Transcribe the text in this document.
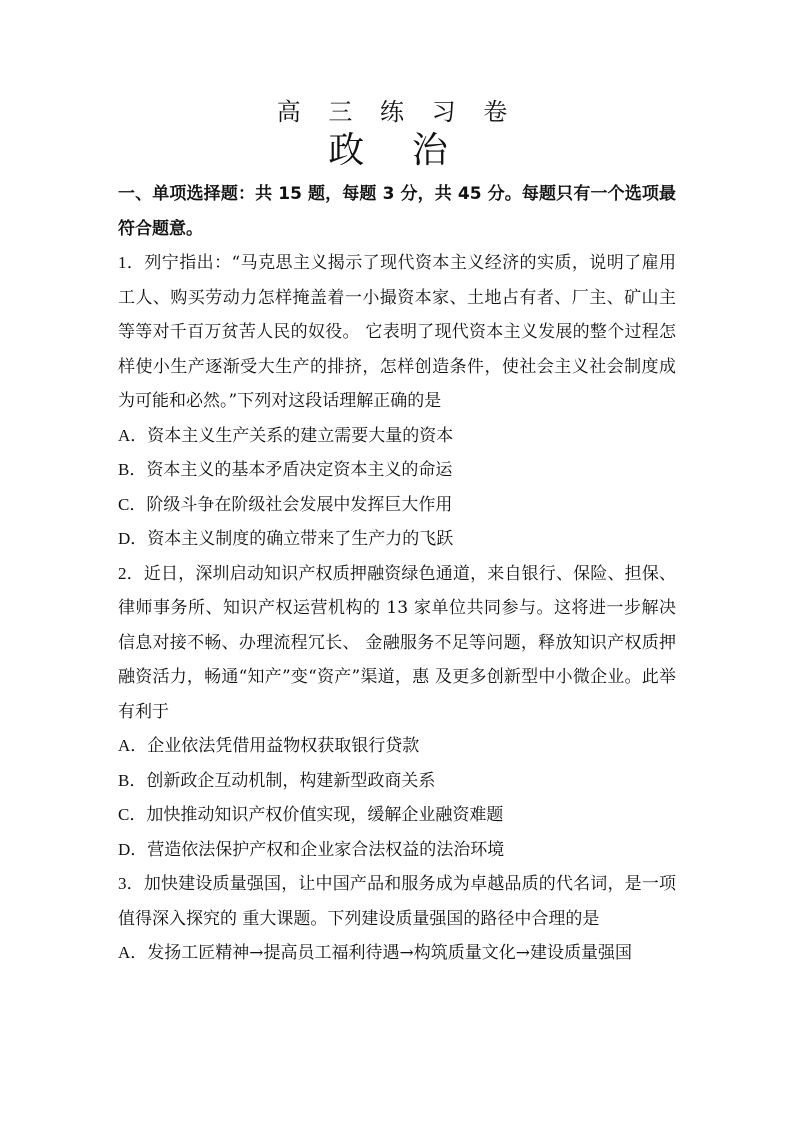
高 三 练 习 卷
政 治

一、单项选择题：共 15 题，每题 3 分，共 45 分。每题只有一个选项最符合题意。

1．列宁指出：“马克思主义揭示了现代资本主义经济的实质，说明了雇用工人、购买劳动力怎样掩盖着一小撮资本家、土地占有者、厂主、矿山主等等对千百万贫苦人民的奴役。 它表明了现代资本主义发展的整个过程怎样使小生产逐渐受大生产的排挤，怎样创造条件，使社会主义社会制度成为可能和必然。”下列对这段话理解正确的是

A．资本主义生产关系的建立需要大量的资本
B．资本主义的基本矛盾决定资本主义的命运
C．阶级斗争在阶级社会发展中发挥巨大作用
D．资本主义制度的确立带来了生产力的飞跃

2．近日，深圳启动知识产权质押融资绿色通道，来自银行、保险、担保、律师事务所、知识产权运营机构的 13 家单位共同参与。这将进一步解决信息对接不畅、办理流程冗长、 金融服务不足等问题，释放知识产权质押融资活力，畅通“知产”变“资产”渠道，惠 及更多创新型中小微企业。此举有利于

A．企业依法凭借用益物权获取银行贷款
B．创新政企互动机制，构建新型政商关系
C．加快推动知识产权价值实现，缓解企业融资难题
D．营造依法保护产权和企业家合法权益的法治环境

3．加快建设质量强国，让中国产品和服务成为卓越品质的代名词，是一项值得深入探究的 重大课题。下列建设质量强国的路径中合理的是

A．发扬工匠精神→提高员工福利待遇→构筑质量文化→建设质量强国
